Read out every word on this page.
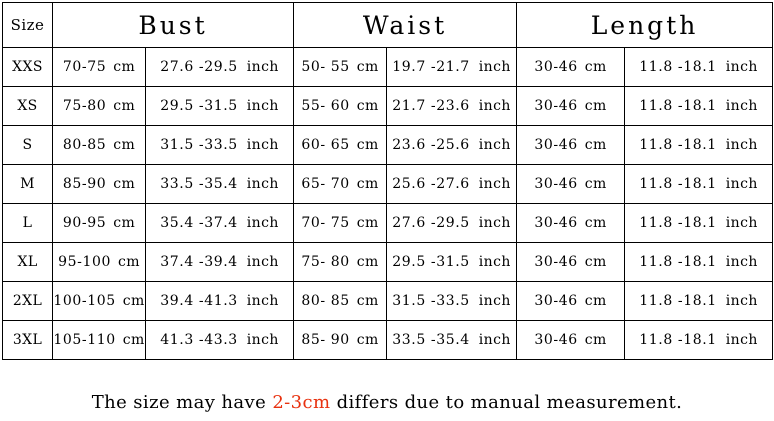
Size	Bust		Waist		Length	
XXS	70-75 cm	27.6 -29.5 inch	50- 55 cm	19.7 -21.7 inch	30-46 cm	11.8 -18.1 inch
XS	75-80 cm	29.5 -31.5 inch	55- 60 cm	21.7 -23.6 inch	30-46 cm	11.8 -18.1 inch
S	80-85 cm	31.5 -33.5 inch	60- 65 cm	23.6 -25.6 inch	30-46 cm	11.8 -18.1 inch
M	85-90 cm	33.5 -35.4 inch	65- 70 cm	25.6 -27.6 inch	30-46 cm	11.8 -18.1 inch
L	90-95 cm	35.4 -37.4 inch	70- 75 cm	27.6 -29.5 inch	30-46 cm	11.8 -18.1 inch
XL	95-100 cm	37.4 -39.4 inch	75- 80 cm	29.5 -31.5 inch	30-46 cm	11.8 -18.1 inch
2XL	100-105 cm	39.4 -41.3 inch	80- 85 cm	31.5 -33.5 inch	30-46 cm	11.8 -18.1 inch
3XL	105-110 cm	41.3 -43.3 inch	85- 90 cm	33.5 -35.4 inch	30-46 cm	11.8 -18.1 inch
The size may have 2-3cm differs due to manual measurement.
